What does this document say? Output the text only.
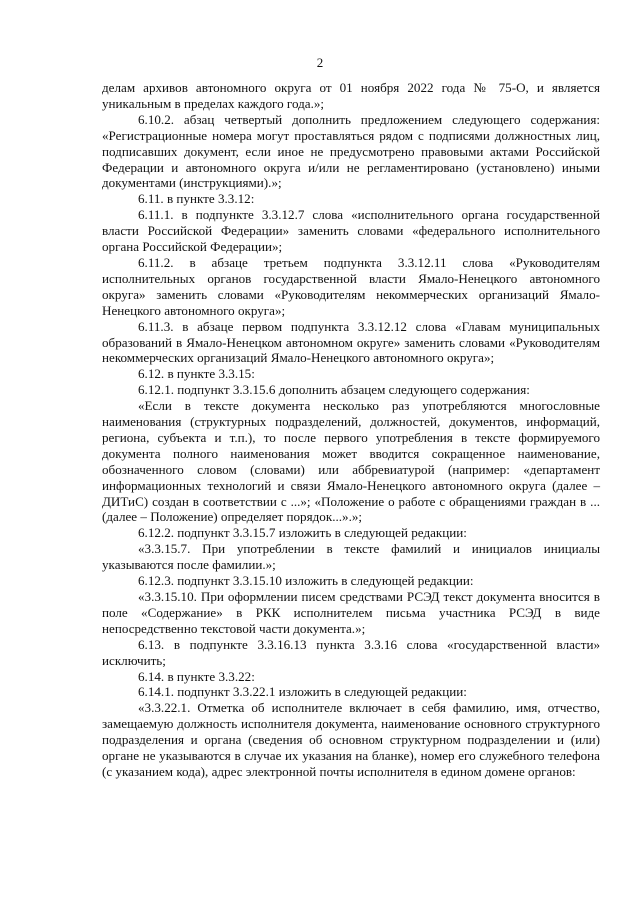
2

делам архивов автономного округа от 01 ноября 2022 года № 75-О, и является уникальным в пределах каждого года.»;

6.10.2. абзац четвертый дополнить предложением следующего содержания: «Регистрационные номера могут проставляться рядом с подписями должностных лиц, подписавших документ, если иное не предусмотрено правовыми актами Российской Федерации и автономного округа и/или не регламентировано (установлено) иными документами (инструкциями).»;

6.11. в пункте 3.3.12:

6.11.1. в подпункте 3.3.12.7 слова «исполнительного органа государственной власти Российской Федерации» заменить словами «федерального исполнительного органа Российской Федерации»;

6.11.2. в абзаце третьем подпункта 3.3.12.11 слова «Руководителям исполнительных органов государственной власти Ямало-Ненецкого автономного округа» заменить словами «Руководителям некоммерческих организаций Ямало-Ненецкого автономного округа»;

6.11.3. в абзаце первом подпункта 3.3.12.12 слова «Главам муниципальных образований в Ямало-Ненецком автономном округе» заменить словами «Руководителям некоммерческих организаций Ямало-Ненецкого автономного округа»;

6.12. в пункте 3.3.15:

6.12.1. подпункт 3.3.15.6 дополнить абзацем следующего содержания:

«Если в тексте документа несколько раз употребляются многословные наименования (структурных подразделений, должностей, документов, информаций, региона, субъекта и т.п.), то после первого употребления в тексте формируемого документа полного наименования может вводится сокращенное наименование, обозначенного словом (словами) или аббревиатурой (например: «департамент информационных технологий и связи Ямало-Ненецкого автономного округа (далее – ДИТиС) создан в соответствии с ...»; «Положение о работе с обращениями граждан в ... (далее – Положение) определяет порядок...».»;

6.12.2. подпункт 3.3.15.7 изложить в следующей редакции:

«3.3.15.7. При употреблении в тексте фамилий и инициалов инициалы указываются после фамилии.»;

6.12.3. подпункт 3.3.15.10 изложить в следующей редакции:

«3.3.15.10. При оформлении писем средствами РСЭД текст документа вносится в поле «Содержание» в РКК исполнителем письма участника РСЭД в виде непосредственно текстовой части документа.»;

6.13. в подпункте 3.3.16.13 пункта 3.3.16 слова «государственной власти» исключить;

6.14. в пункте 3.3.22:

6.14.1. подпункт 3.3.22.1 изложить в следующей редакции:

«3.3.22.1. Отметка об исполнителе включает в себя фамилию, имя, отчество, замещаемую должность исполнителя документа, наименование основного структурного подразделения и органа (сведения об основном структурном подразделении и (или) органе не указываются в случае их указания на бланке), номер его служебного телефона (с указанием кода), адрес электронной почты исполнителя в едином домене органов:
